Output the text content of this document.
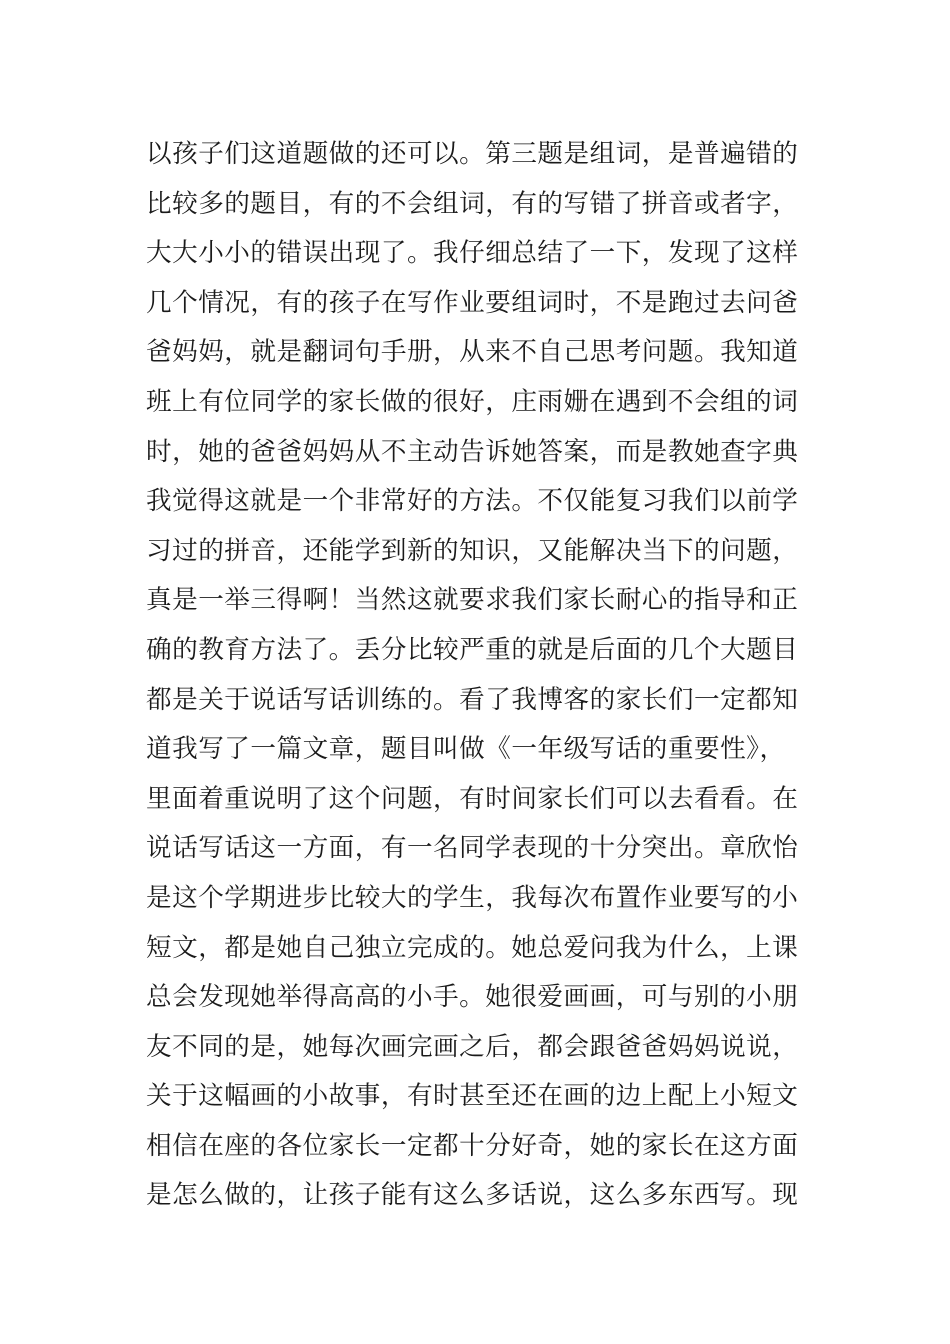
以孩子们这道题做的还可以。第三题是组词，是普遍错的
比较多的题目，有的不会组词，有的写错了拼音或者字，
大大小小的错误出现了。我仔细总结了一下，发现了这样
几个情况，有的孩子在写作业要组词时，不是跑过去问爸
爸妈妈，就是翻词句手册，从来不自己思考问题。我知道
班上有位同学的家长做的很好，庄雨姗在遇到不会组的词
时，她的爸爸妈妈从不主动告诉她答案，而是教她查字典
我觉得这就是一个非常好的方法。不仅能复习我们以前学
习过的拼音，还能学到新的知识，又能解决当下的问题，
真是一举三得啊！当然这就要求我们家长耐心的指导和正
确的教育方法了。丢分比较严重的就是后面的几个大题目
都是关于说话写话训练的。看了我博客的家长们一定都知
道我写了一篇文章，题目叫做《一年级写话的重要性》，
里面着重说明了这个问题，有时间家长们可以去看看。在
说话写话这一方面，有一名同学表现的十分突出。章欣怡
是这个学期进步比较大的学生，我每次布置作业要写的小
短文，都是她自己独立完成的。她总爱问我为什么，上课
总会发现她举得高高的小手。她很爱画画，可与别的小朋
友不同的是，她每次画完画之后，都会跟爸爸妈妈说说，
关于这幅画的小故事，有时甚至还在画的边上配上小短文
相信在座的各位家长一定都十分好奇，她的家长在这方面
是怎么做的，让孩子能有这么多话说，这么多东西写。现
